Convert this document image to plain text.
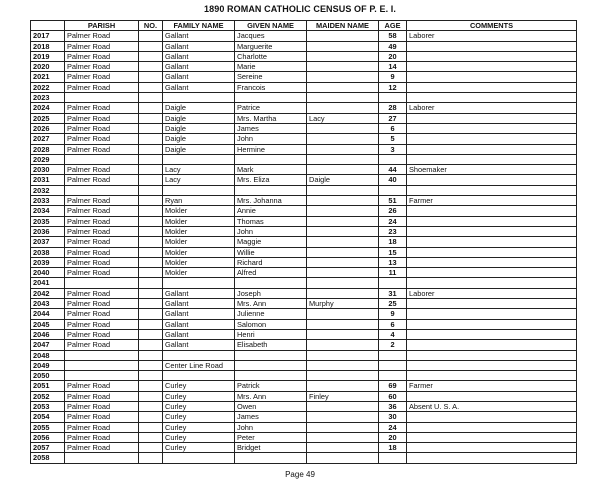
1890 ROMAN CATHOLIC CENSUS OF P. E. I.
	PARISH	NO.	FAMILY NAME	GIVEN NAME	MAIDEN NAME	AGE	COMMENTS
2017	Palmer Road		Gallant	Jacques		58	Laborer
2018	Palmer Road		Gallant	Marguerite		49	
2019	Palmer Road		Gallant	Charlotte		20	
2020	Palmer Road		Gallant	Marie		14	
2021	Palmer Road		Gallant	Sereine		9	
2022	Palmer Road		Gallant	Francois		12	
2023							
2024	Palmer Road		Daigle	Patrice		28	Laborer
2025	Palmer Road		Daigle	Mrs. Martha	Lacy	27	
2026	Palmer Road		Daigle	James		6	
2027	Palmer Road		Daigle	John		5	
2028	Palmer Road		Daigle	Hermine		3	
2029							
2030	Palmer Road		Lacy	Mark		44	Shoemaker
2031	Palmer Road		Lacy	Mrs. Eliza	Daigle	40	
2032							
2033	Palmer Road		Ryan	Mrs. Johanna		51	Farmer
2034	Palmer Road		Mokler	Annie		26	
2035	Palmer Road		Mokler	Thomas		24	
2036	Palmer Road		Mokler	John		23	
2037	Palmer Road		Mokler	Maggie		18	
2038	Palmer Road		Mokler	Willie		15	
2039	Palmer Road		Mokler	Richard		13	
2040	Palmer Road		Mokler	Alfred		11	
2041							
2042	Palmer Road		Gallant	Joseph		31	Laborer
2043	Palmer Road		Gallant	Mrs. Ann	Murphy	25	
2044	Palmer Road		Gallant	Julienne		9	
2045	Palmer Road		Gallant	Salomon		6	
2046	Palmer Road		Gallant	Henri		4	
2047	Palmer Road		Gallant	Elisabeth		2	
2048							
2049			Center Line Road				
2050							
2051	Palmer Road		Curley	Patrick		69	Farmer
2052	Palmer Road		Curley	Mrs. Ann	Finley	60	
2053	Palmer Road		Curley	Owen		36	Absent U. S. A.
2054	Palmer Road		Curley	James		30	
2055	Palmer Road		Curley	John		24	
2056	Palmer Road		Curley	Peter		20	
2057	Palmer Road		Curley	Bridget		18	
2058							
Page 49
